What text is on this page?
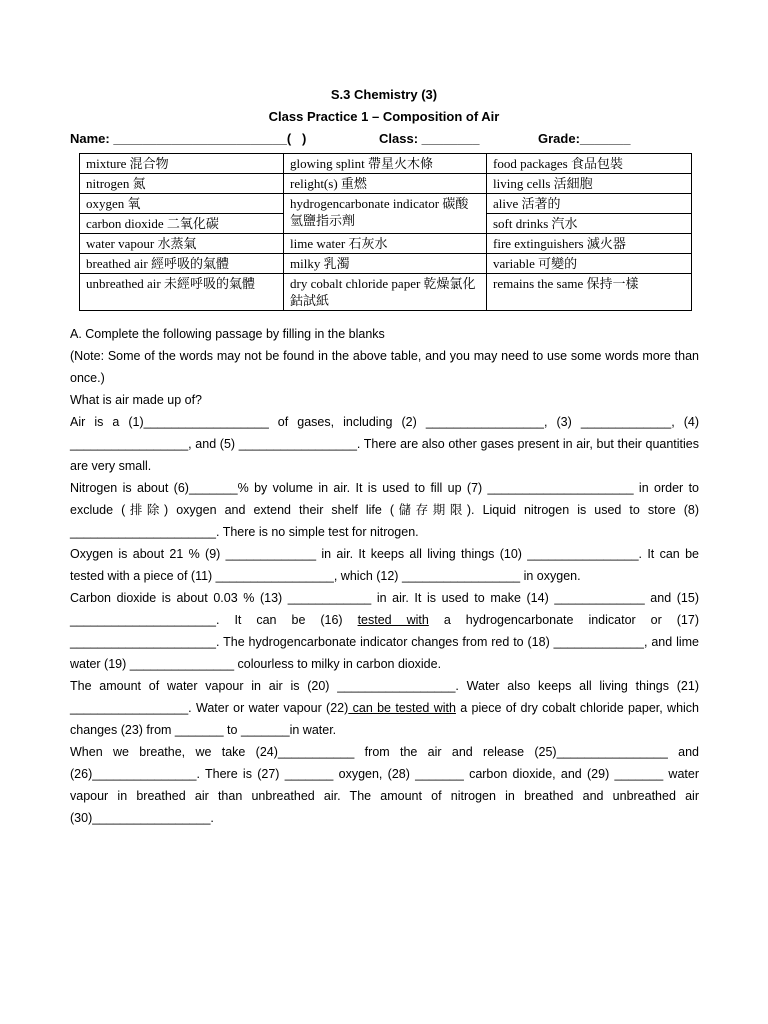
S.3 Chemistry (3)
Class Practice 1 – Composition of Air
Name: ________________________(   )	Class: ________	Grade:_______
mixture 混合物	glowing splint 帶星火木條	food packages 食品包裝
nitrogen 氮	relight(s) 重燃	living cells 活細胞
oxygen 氧	hydrogencarbonate indicator 碳酸氫鹽指示劑	alive 活著的
carbon dioxide 二氧化碳		soft drinks 汽水
water vapour 水蒸氣	lime water 石灰水	fire extinguishers 滅火器
breathed air 經呼吸的氣體	milky 乳濁	variable 可變的
unbreathed air 未經呼吸的氣體	dry cobalt chloride paper 乾燥氯化鈷試紙	remains the same 保持一樣

A. Complete the following passage by filling in the blanks

(Note: Some of the words may not be found in the above table, and you may need to use some words more than once.)

What is air made up of?

Air is a (1)__________________ of gases, including (2) _________________, (3) _____________, (4) _________________, and (5) _________________. There are also other gases present in air, but their quantities are very small.

Nitrogen is about (6)_______% by volume in air. It is used to fill up (7) _____________________ in order to exclude (排除) oxygen and extend their shelf life (儲存期限). Liquid nitrogen is used to store (8) _____________________. There is no simple test for nitrogen.

Oxygen is about 21 % (9) _____________ in air. It keeps all living things (10) ________________. It can be tested with a piece of (11) _________________, which (12) _________________ in oxygen.

Carbon dioxide is about 0.03 % (13) ____________ in air. It is used to make (14) _____________ and (15) _____________________. It can be (16) tested with a hydrogencarbonate indicator or (17) _____________________. The hydrogencarbonate indicator changes from red to (18) _____________, and lime water (19) _______________ colourless to milky in carbon dioxide.

The amount of water vapour in air is (20) _________________. Water also keeps all living things (21) _________________. Water or water vapour (22) can be tested with a piece of dry cobalt chloride paper, which changes (23) from _______ to _______in water.

When we breathe, we take (24)___________ from the air and release (25)________________ and (26)_______________. There is (27) _______ oxygen, (28) _______ carbon dioxide, and (29) _______ water vapour in breathed air than unbreathed air. The amount of nitrogen in breathed and unbreathed air (30)_________________.
